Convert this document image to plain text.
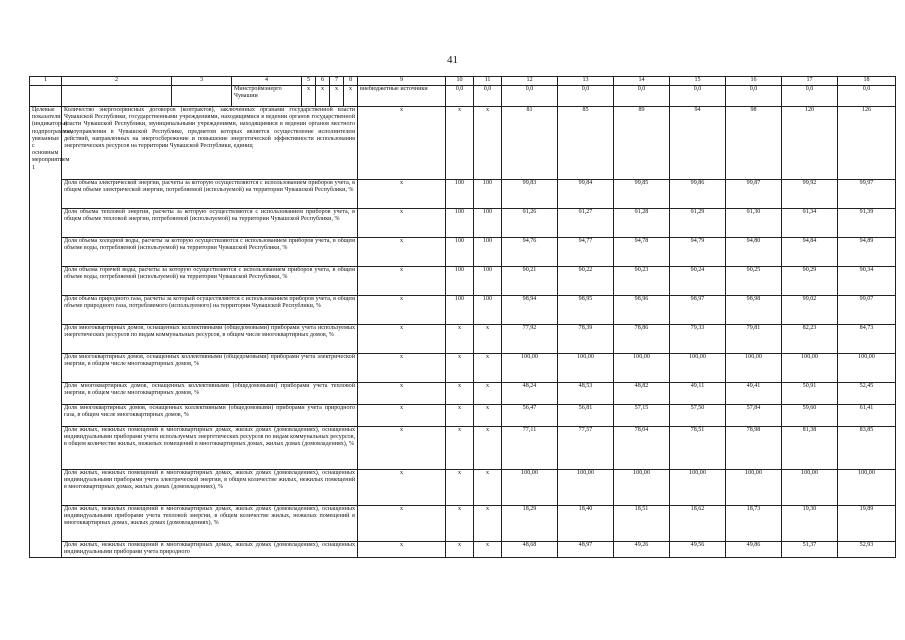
41
1	2	3	4	5	6	7	8	9	10	11	12	13	14	15	16	17	18	
			Минстроймэнерго Чувашии	х	х	х	х	внебюджетные источники	0,0	0,0	0,0	0,0	0,0	0,0	0,0	0,0	0,0	
Целевые показатели (индикаторы) подпрограммы, увязанные с основным мероприятием 1	Количество энергосервисных договоров (контрактов), заключенных органами государственной власти Чувашской Республики, государственными учреждениями, находящимися в ведении органов государственной власти Чувашской Республики, муниципальными учреждениями, находящимися в ведении органов местного самоуправления в Чувашской Республике, предметом которых является осуществление исполнителем действий, направленных на энергосбережение и повышение энергетической эффективности использования энергетических ресурсов на территории Чувашской Республики, единиц							х	х	х	81	85	89	94	98	120	126	
	Доля объема электрической энергии, расчеты за которую осуществляются с использованием приборов учета, в общем объеме электрической энергии, потребляемой (используемой) на территории Чувашской Республики, %							х	100	100	99,83	99,84	99,85	99,86	99,87	99,92	99,97	
	Доля объема тепловой энергии, расчеты за которую осуществляются с использованием приборов учета, в общем объеме тепловой энергии, потребляемой (используемой) на территории Чувашской Республики, %							х	100	100	91,26	91,27	91,28	91,29	91,30	91,34	91,39	
	Доля объема холодной воды, расчеты за которую осуществляются с использованием приборов учета, в общем объеме воды, потребляемой (используемой) на территории Чувашской Республики, %							х	100	100	94,76	94,77	94,78	94,79	94,80	94,84	94,89	
	Доля объема горячей воды, расчеты за которую осуществляются с использованием приборов учета, в общем объеме воды, потребляемой (используемой) на территории Чувашской Республики, %							х	100	100	90,21	90,22	90,23	90,24	90,25	90,29	90,34	
	Доля объема природного газа, расчеты за который осуществляются с использованием приборов учета, в общем объеме природного газа, потребляемого (используемого) на территории Чувашской Республики, %							х	100	100	98,94	98,95	98,96	98,97	98,98	99,02	99,07	
	Доля многоквартирных домов, оснащенных коллективными (общедомовыми) приборами учета используемых энергетических ресурсов по видам коммунальных ресурсов, в общем числе многоквартирных домов, %							х	х	х	77,92	78,39	78,86	79,33	79,81	82,23	84,73	
	Доля многоквартирных домов, оснащенных коллективными (общедомовыми) приборами учета электрической энергии, в общем числе многоквартирных домов, %							х	х	х	100,00	100,00	100,00	100,00	100,00	100,00	100,00	
	Доля многоквартирных домов, оснащенных коллективными (общедомовыми) приборами учета тепловой энергии, в общем числе многоквартирных домов, %							х	х	х	48,24	48,53	48,82	49,11	49,41	50,91	52,45	
	Доля многоквартирных домов, оснащенных коллективными (общедомовыми) приборами учета природного газа, в общем числе многоквартирных домов, %							х	х	х	56,47	56,81	57,15	57,50	57,84	59,60	61,41	
	Доля жилых, нежилых помещений в многоквартирных домах, жилых домах (домовладениях), оснащенных индивидуальными приборами учета используемых энергетических ресурсов по видам коммунальных ресурсов, в общем количестве жилых, нежилых помещений в многоквартирных домах, жилых домах (домовладениях), %							х	х	х	77,11	77,57	78,04	78,51	78,98	81,38	83,85	
	Доля жилых, нежилых помещений в многоквартирных домах, жилых домах (домовладениях), оснащенных индивидуальными приборами учета электрической энергии, в общем количестве жилых, нежилых помещений в многоквартирных домах, жилых домах (домовладениях), %							х	х	х	100,00	100,00	100,00	100,00	100,00	100,00	100,00	
	Доля жилых, нежилых помещений в многоквартирных домах, жилых домах (домовладениях), оснащенных индивидуальными приборами учета тепловой энергии, в общем количестве жилых, нежилых помещений в многоквартирных домах, жилых домах (домовладениях), %							х	х	х	18,29	18,40	18,51	18,62	18,73	19,30	19,89	
	Доля жилых, нежилых помещений в многоквартирных домах, жилых домах (домовладениях), оснащенных индивидуальными приборами учета природного							х	х	х	48,68	48,97	49,26	49,56	49,86	51,37	52,93	
